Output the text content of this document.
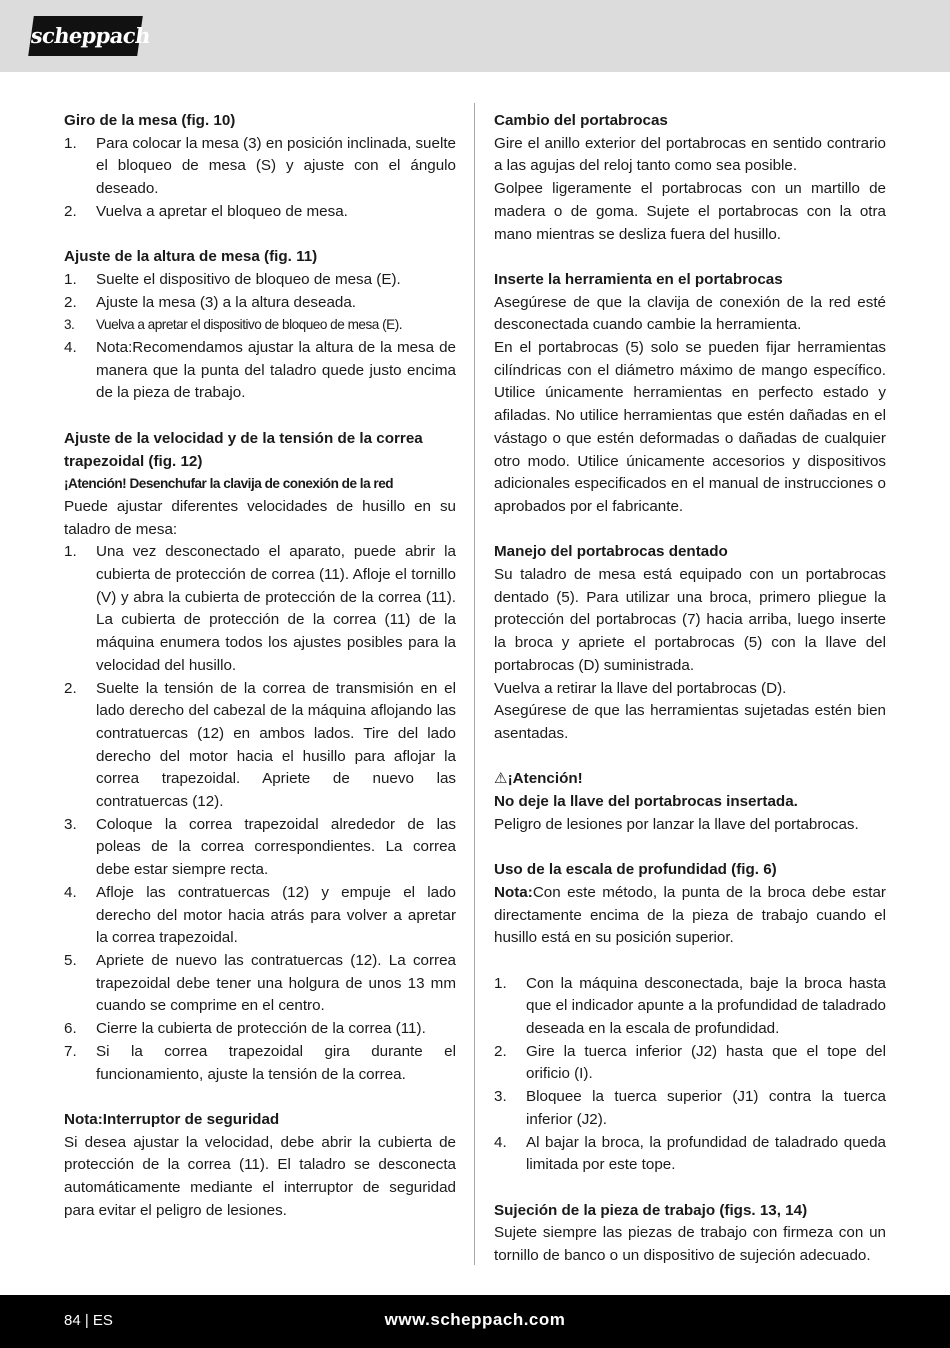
scheppach
Giro de la mesa (fig. 10)
1. Para colocar la mesa (3) en posición inclinada, suelte el bloqueo de mesa (S) y ajuste con el ángulo deseado.
2. Vuelva a apretar el bloqueo de mesa.
Ajuste de la altura de mesa (fig. 11)
1. Suelte el dispositivo de bloqueo de mesa (E).
2. Ajuste la mesa (3) a la altura deseada.
3. Vuelva a apretar el dispositivo de bloqueo de mesa (E).
4. Nota:Recomendamos ajustar la altura de la mesa de manera que la punta del taladro quede justo encima de la pieza de trabajo.
Ajuste de la velocidad y de la tensión de la correa trapezoidal (fig. 12)
¡Atención! Desenchufar la clavija de conexión de la red
Puede ajustar diferentes velocidades de husillo en su taladro de mesa:
1. Una vez desconectado el aparato, puede abrir la cubierta de protección de correa (11). Afloje el tornillo (V) y abra la cubierta de protección de la correa (11). La cubierta de protección de la correa (11) de la máquina enumera todos los ajustes posibles para la velocidad del husillo.
2. Suelte la tensión de la correa de transmisión en el lado derecho del cabezal de la máquina aflojando las contratuercas (12) en ambos lados. Tire del lado derecho del motor hacia el husillo para aflojar la correa trapezoidal. Apriete de nuevo las contratuercas (12).
3. Coloque la correa trapezoidal alrededor de las poleas de la correa correspondientes. La correa debe estar siempre recta.
4. Afloje las contratuercas (12) y empuje el lado derecho del motor hacia atrás para volver a apretar la correa trapezoidal.
5. Apriete de nuevo las contratuercas (12). La correa trapezoidal debe tener una holgura de unos 13 mm cuando se comprime en el centro.
6. Cierre la cubierta de protección de la correa (11).
7. Si la correa trapezoidal gira durante el funcionamiento, ajuste la tensión de la correa.
Nota:Interruptor de seguridad
Si desea ajustar la velocidad, debe abrir la cubierta de protección de la correa (11). El taladro se desconecta automáticamente mediante el interruptor de seguridad para evitar el peligro de lesiones.
Cambio del portabrocas
Gire el anillo exterior del portabrocas en sentido contrario a las agujas del reloj tanto como sea posible.
Golpee ligeramente el portabrocas con un martillo de madera o de goma. Sujete el portabrocas con la otra mano mientras se desliza fuera del husillo.
Inserte la herramienta en el portabrocas
Asegúrese de que la clavija de conexión de la red esté desconectada cuando cambie la herramienta.
En el portabrocas (5) solo se pueden fijar herramientas cilíndricas con el diámetro máximo de mango específico. Utilice únicamente herramientas en perfecto estado y afiladas. No utilice herramientas que estén dañadas en el vástago o que estén deformadas o dañadas de cualquier otro modo. Utilice únicamente accesorios y dispositivos adicionales especificados en el manual de instrucciones o aprobados por el fabricante.
Manejo del portabrocas dentado
Su taladro de mesa está equipado con un portabrocas dentado (5). Para utilizar una broca, primero pliegue la protección del portabrocas (7) hacia arriba, luego inserte la broca y apriete el portabrocas (5) con la llave del portabrocas (D) suministrada.
Vuelva a retirar la llave del portabrocas (D).
Asegúrese de que las herramientas sujetadas estén bien asentadas.
⚠¡Atención!
No deje la llave del portabrocas insertada.
Peligro de lesiones por lanzar la llave del portabrocas.
Uso de la escala de profundidad (fig. 6)
Nota:Con este método, la punta de la broca debe estar directamente encima de la pieza de trabajo cuando el husillo está en su posición superior.
1. Con la máquina desconectada, baje la broca hasta que el indicador apunte a la profundidad de taladrado deseada en la escala de profundidad.
2. Gire la tuerca inferior (J2) hasta que el tope del orificio (I).
3. Bloquee la tuerca superior (J1) contra la tuerca inferior (J2).
4. Al bajar la broca, la profundidad de taladrado queda limitada por este tope.
Sujeción de la pieza de trabajo (figs. 13, 14)
Sujete siempre las piezas de trabajo con firmeza con un tornillo de banco o un dispositivo de sujeción adecuado.
84 | ES	www.scheppach.com
